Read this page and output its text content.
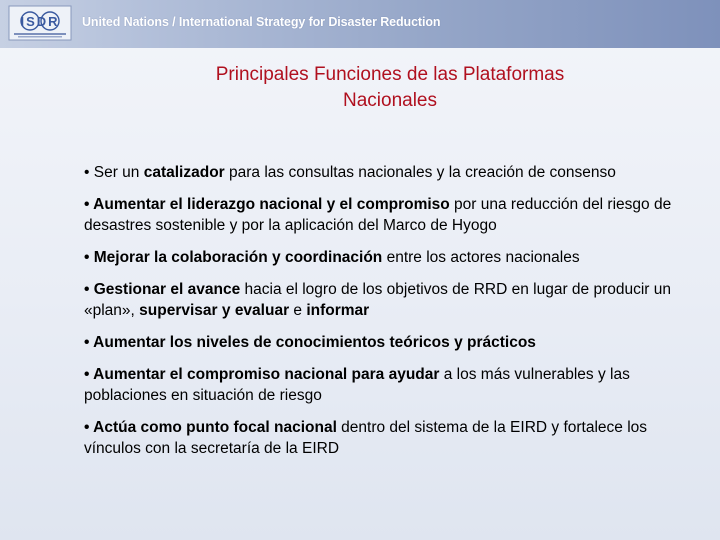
ISDR United Nations / International Strategy for Disaster Reduction
Principales Funciones de las Plataformas
Nacionales
• Ser un catalizador para las consultas nacionales y la creación de consenso
• Aumentar el liderazgo nacional y el compromiso por una reducción del riesgo de desastres sostenible y por la aplicación del Marco de Hyogo
• Mejorar la colaboración y coordinación entre los actores nacionales
• Gestionar el avance hacia el logro de los objetivos de RRD en lugar de producir un «plan», supervisar y evaluar e informar
• Aumentar los niveles de conocimientos teóricos y prácticos
• Aumentar el compromiso nacional para ayudar a los más vulnerables y las poblaciones en situación de riesgo
• Actúa como punto focal nacional dentro del sistema de la EIRD y fortalece los vínculos con la secretaría de la EIRD
